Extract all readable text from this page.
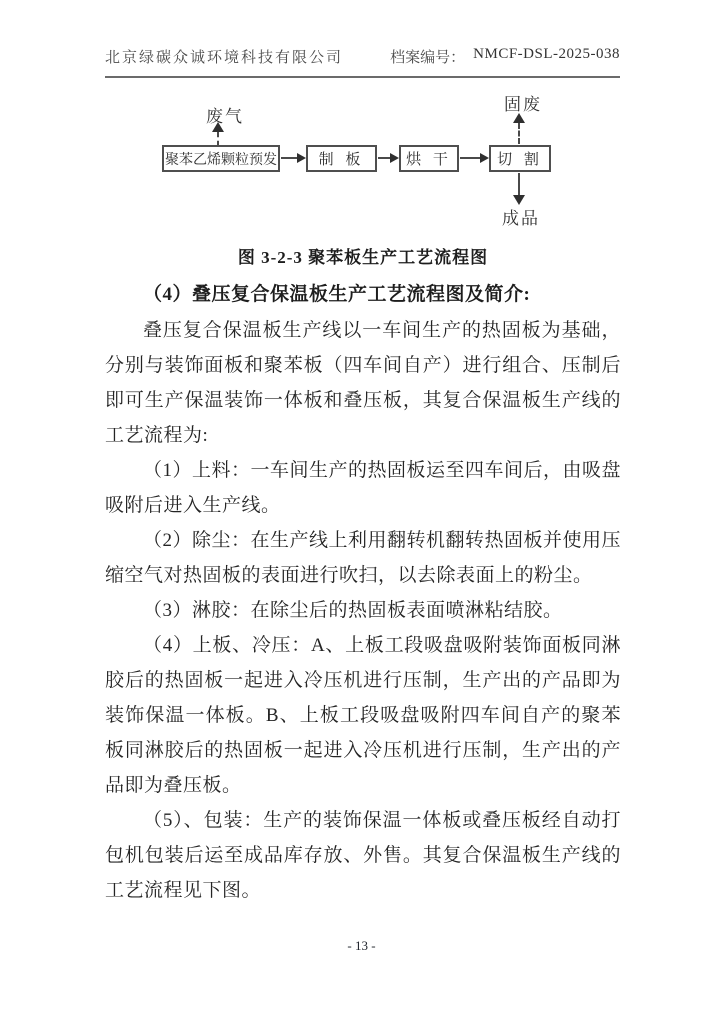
北京绿碳众诚环境科技有限公司	档案编号： NMCF-DSL-2025-038
废气
聚苯乙烯颗粒预发	制 板	烘 干	切 割
固废
成品
图 3-2-3 聚苯板生产工艺流程图
（4）叠压复合保温板生产工艺流程图及简介:

叠压复合保温板生产线以一车间生产的热固板为基础，分别与装饰面板和聚苯板（四车间自产）进行组合、压制后即可生产保温装饰一体板和叠压板，其复合保温板生产线的工艺流程为:

（1）上料：一车间生产的热固板运至四车间后，由吸盘吸附后进入生产线。

（2）除尘：在生产线上利用翻转机翻转热固板并使用压缩空气对热固板的表面进行吹扫，以去除表面上的粉尘。

（3）淋胶：在除尘后的热固板表面喷淋粘结胶。

（4）上板、冷压：A、上板工段吸盘吸附装饰面板同淋胶后的热固板一起进入冷压机进行压制，生产出的产品即为装饰保温一体板。B、上板工段吸盘吸附四车间自产的聚苯板同淋胶后的热固板一起进入冷压机进行压制，生产出的产品即为叠压板。

（5）、包装：生产的装饰保温一体板或叠压板经自动打包机包装后运至成品库存放、外售。其复合保温板生产线的工艺流程见下图。

- 13 -
